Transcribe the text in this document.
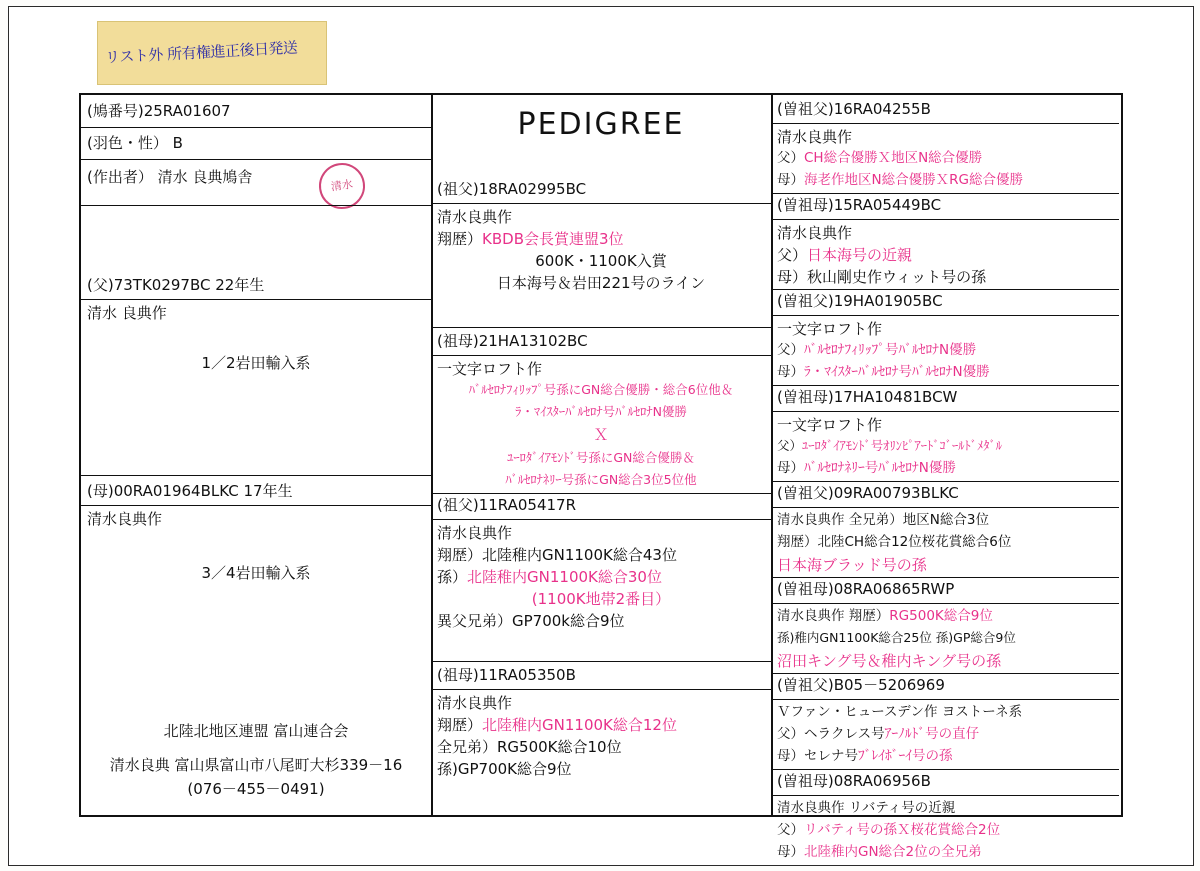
リスト外 所有権進正後日発送
(鳩番号)25RA01607
(羽色・性） B
(作出者） 清水 良典鳩舎	清水
(父)73TK0297BC 22年生
清水 良典作
1／2岩田輸入系
(母)00RA01964BLKC 17年生
清水良典作
3／4岩田輸入系
北陸北地区連盟 富山連合会
清水良典 富山県富山市八尾町大杉339－16
(076－455－0491)
PEDIGREE
(祖父)18RA02995BC
清水良典作
翔歴）KBDB会長賞連盟3位
600K・1100K入賞
日本海号＆岩田221号のライン
(祖母)21HA13102BC
一文字ロフト作
ﾊﾞﾙｾﾛﾅﾌｨﾘｯﾌﾟ号孫にGN総合優勝・総合6位他＆
ﾗ・ﾏｲｽﾀｰﾊﾞﾙｾﾛﾅ号ﾊﾞﾙｾﾛﾅN優勝
Ｘ
ﾕｰﾛﾀﾞｲｱﾓﾝﾄﾞ号孫にGN総合優勝＆
ﾊﾞﾙｾﾛﾅﾈﾘｰ号孫にGN総合3位5位他
(祖父)11RA05417R
清水良典作
翔歴）北陸稚内GN1100K総合43位
孫）北陸稚内GN1100K総合30位
(1100K地帯2番目）
異父兄弟）GP700k総合9位
(祖母)11RA05350B
清水良典作
翔歴）北陸稚内GN1100K総合12位
全兄弟）RG500K総合10位
孫)GP700K総合9位
(曽祖父)16RA04255B
清水良典作
父）CH総合優勝Ｘ地区N総合優勝
母）海老作地区N総合優勝ＸRG総合優勝
(曽祖母)15RA05449BC
清水良典作
父）日本海号の近親
母）秋山剛史作ウィット号の孫
(曽祖父)19HA01905BC
一文字ロフト作
父）ﾊﾞﾙｾﾛﾅﾌｨﾘｯﾌﾟ号ﾊﾞﾙｾﾛﾅN優勝
母）ﾗ・ﾏｲｽﾀｰﾊﾞﾙｾﾛﾅ号ﾊﾞﾙｾﾛﾅN優勝
(曽祖母)17HA10481BCW
一文字ロフト作
父）ﾕｰﾛﾀﾞｲｱﾓﾝﾄﾞ号ｵﾘﾝﾋﾟｱｰﾄﾞｺﾞｰﾙﾄﾞﾒﾀﾞﾙ
母）ﾊﾞﾙｾﾛﾅﾈﾘｰ号ﾊﾞﾙｾﾛﾅN優勝
(曽祖父)09RA00793BLKC
清水良典作 全兄弟）地区N総合3位
翔歴）北陸CH総合12位桜花賞総合6位
日本海ブラッド号の孫
(曽祖母)08RA06865RWP
清水良典作 翔歴）RG500K総合9位
孫)稚内GN1100K総合25位 孫)GP総合9位
沼田キング号＆稚内キング号の孫
(曽祖父)B05－5206969
Ｖファン・ヒュースデン作 ヨストーネ系
父）ヘラクレス号ｱｰﾉﾙﾄﾞ号の直仔
母）セレナ号ﾌﾞﾚｲﾎﾞｰｲ号の孫
(曽祖母)08RA06956B
清水良典作 リバティ号の近親
父）リバティ号の孫Ｘ桜花賞総合2位
母）北陸稚内GN総合2位の全兄弟
